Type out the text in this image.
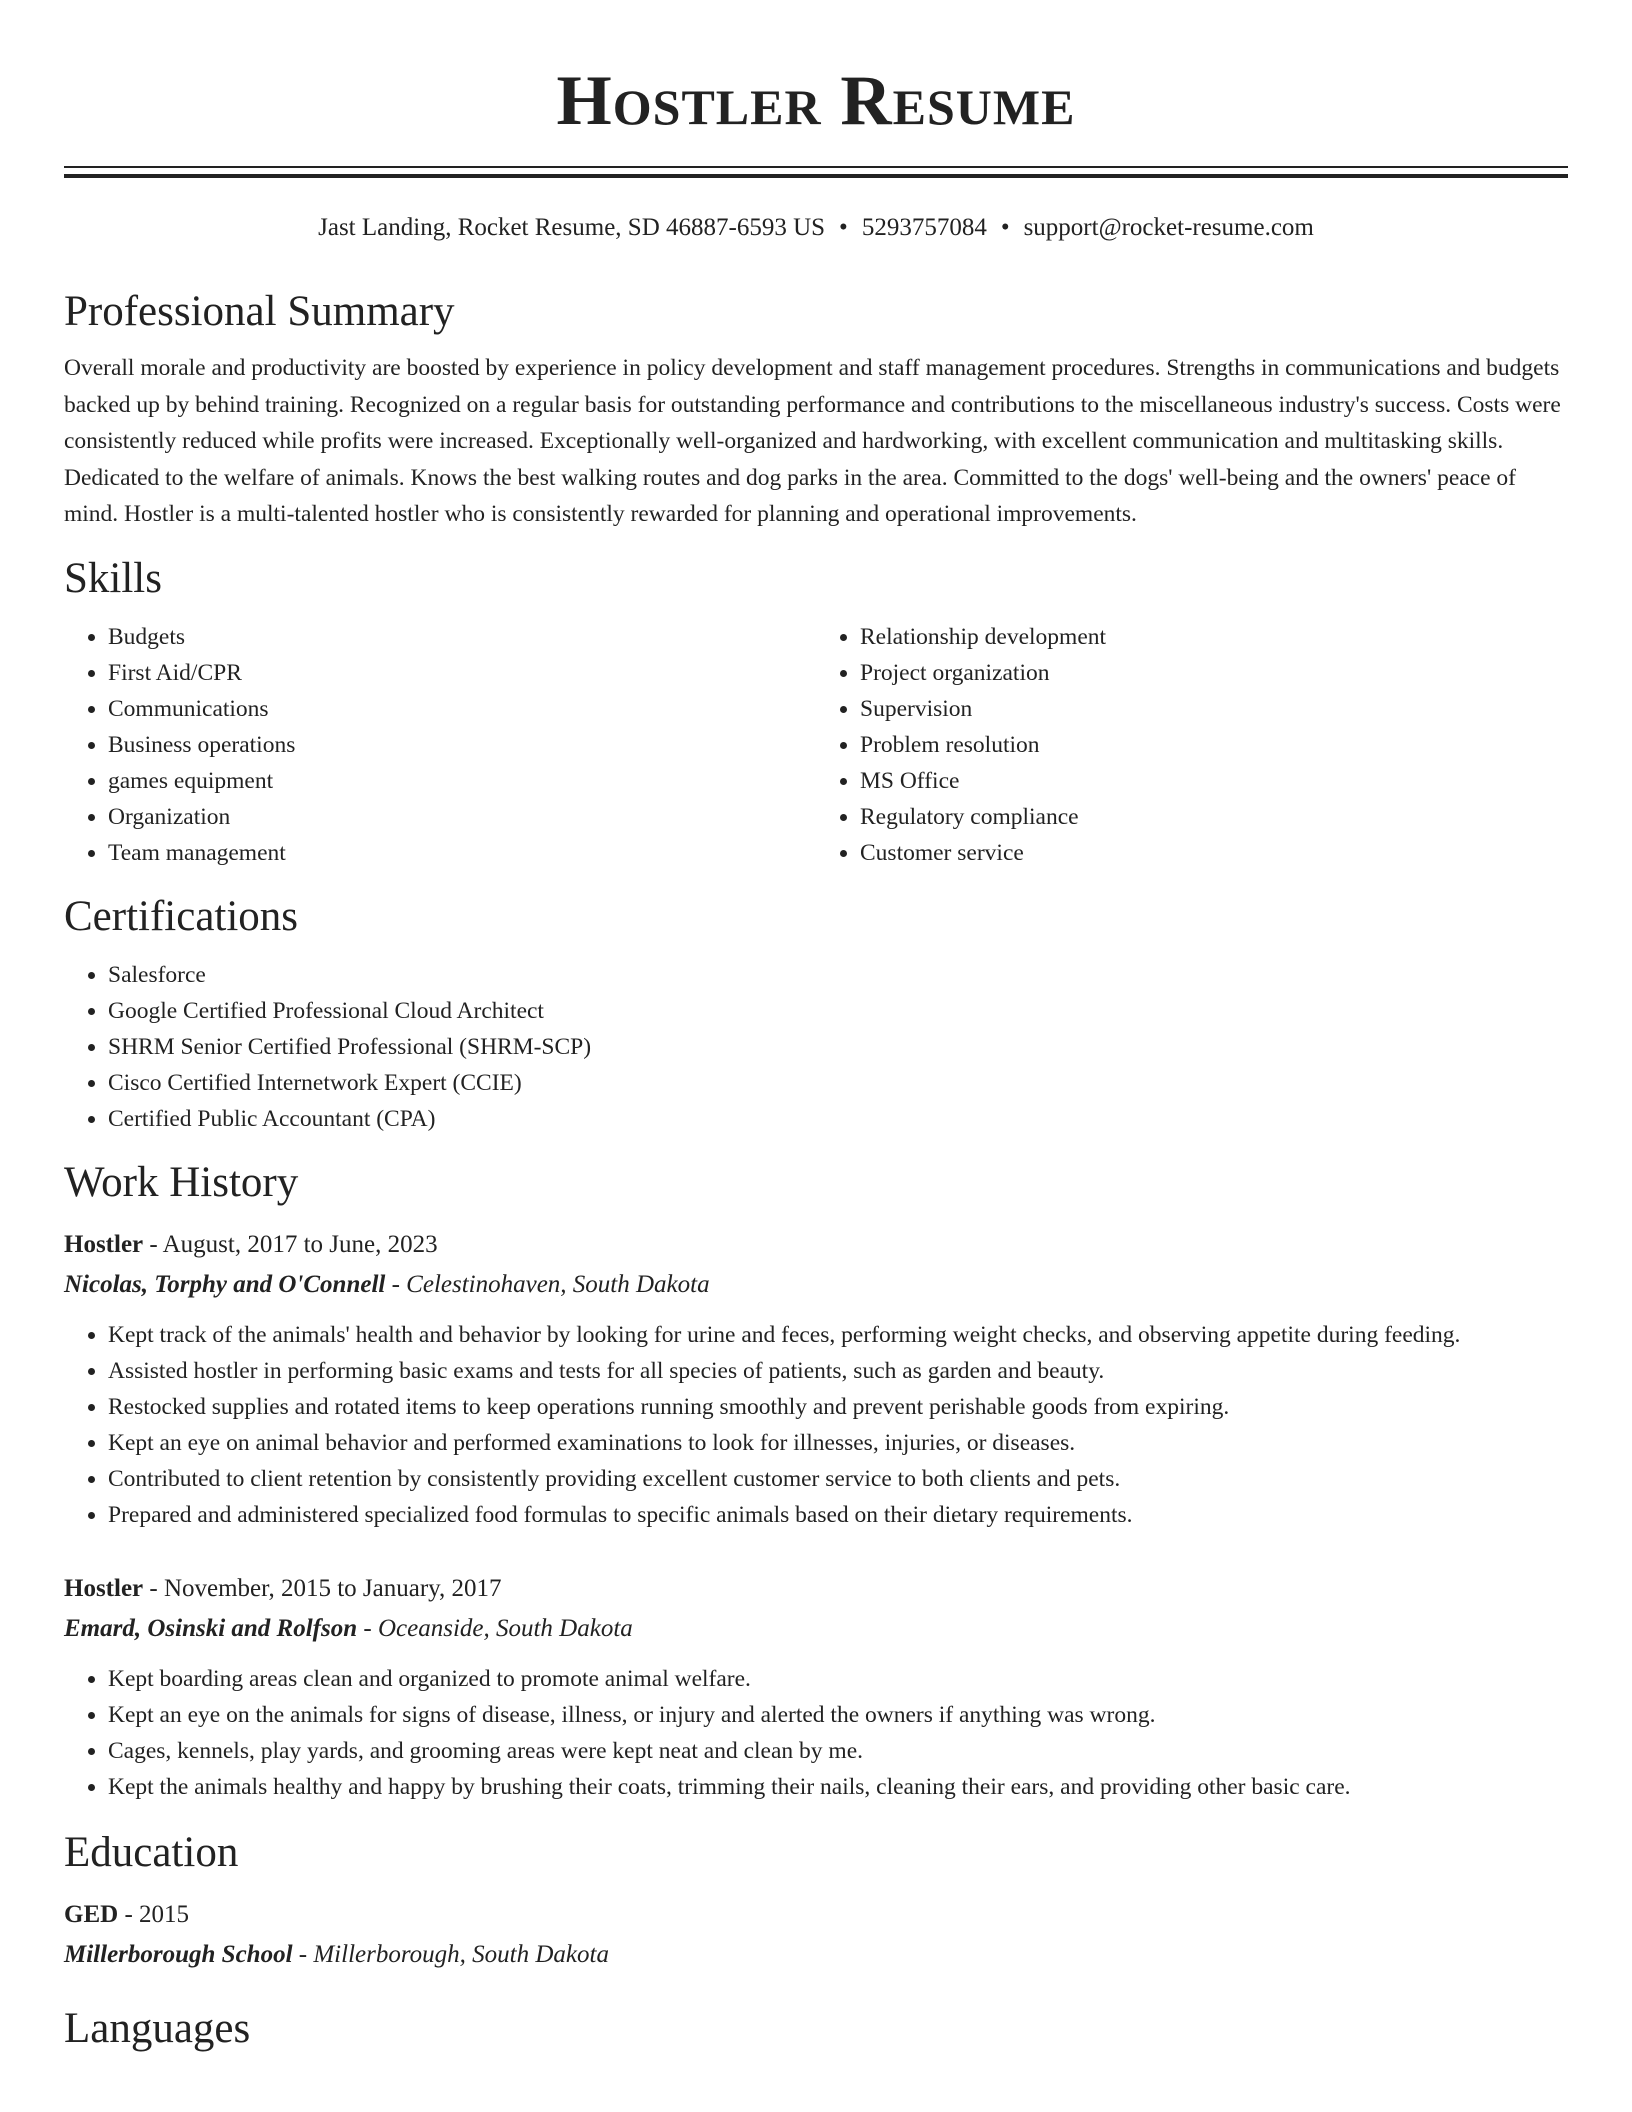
Hostler Resume
Jast Landing, Rocket Resume, SD 46887-6593 US • 5293757084 • support@rocket-resume.com
Professional Summary
Overall morale and productivity are boosted by experience in policy development and staff management procedures. Strengths in communications and budgets backed up by behind training. Recognized on a regular basis for outstanding performance and contributions to the miscellaneous industry's success. Costs were consistently reduced while profits were increased. Exceptionally well-organized and hardworking, with excellent communication and multitasking skills. Dedicated to the welfare of animals. Knows the best walking routes and dog parks in the area. Committed to the dogs' well-being and the owners' peace of mind. Hostler is a multi-talented hostler who is consistently rewarded for planning and operational improvements.
Skills
• Budgets
• First Aid/CPR
• Communications
• Business operations
• games equipment
• Organization
• Team management
• Relationship development
• Project organization
• Supervision
• Problem resolution
• MS Office
• Regulatory compliance
• Customer service
Certifications
• Salesforce
• Google Certified Professional Cloud Architect
• SHRM Senior Certified Professional (SHRM-SCP)
• Cisco Certified Internetwork Expert (CCIE)
• Certified Public Accountant (CPA)
Work History
Hostler - August, 2017 to June, 2023
Nicolas, Torphy and O'Connell - Celestinohaven, South Dakota
• Kept track of the animals' health and behavior by looking for urine and feces, performing weight checks, and observing appetite during feeding.
• Assisted hostler in performing basic exams and tests for all species of patients, such as garden and beauty.
• Restocked supplies and rotated items to keep operations running smoothly and prevent perishable goods from expiring.
• Kept an eye on animal behavior and performed examinations to look for illnesses, injuries, or diseases.
• Contributed to client retention by consistently providing excellent customer service to both clients and pets.
• Prepared and administered specialized food formulas to specific animals based on their dietary requirements.
Hostler - November, 2015 to January, 2017
Emard, Osinski and Rolfson - Oceanside, South Dakota
• Kept boarding areas clean and organized to promote animal welfare.
• Kept an eye on the animals for signs of disease, illness, or injury and alerted the owners if anything was wrong.
• Cages, kennels, play yards, and grooming areas were kept neat and clean by me.
• Kept the animals healthy and happy by brushing their coats, trimming their nails, cleaning their ears, and providing other basic care.
Education
GED - 2015
Millerborough School - Millerborough, South Dakota
Languages
